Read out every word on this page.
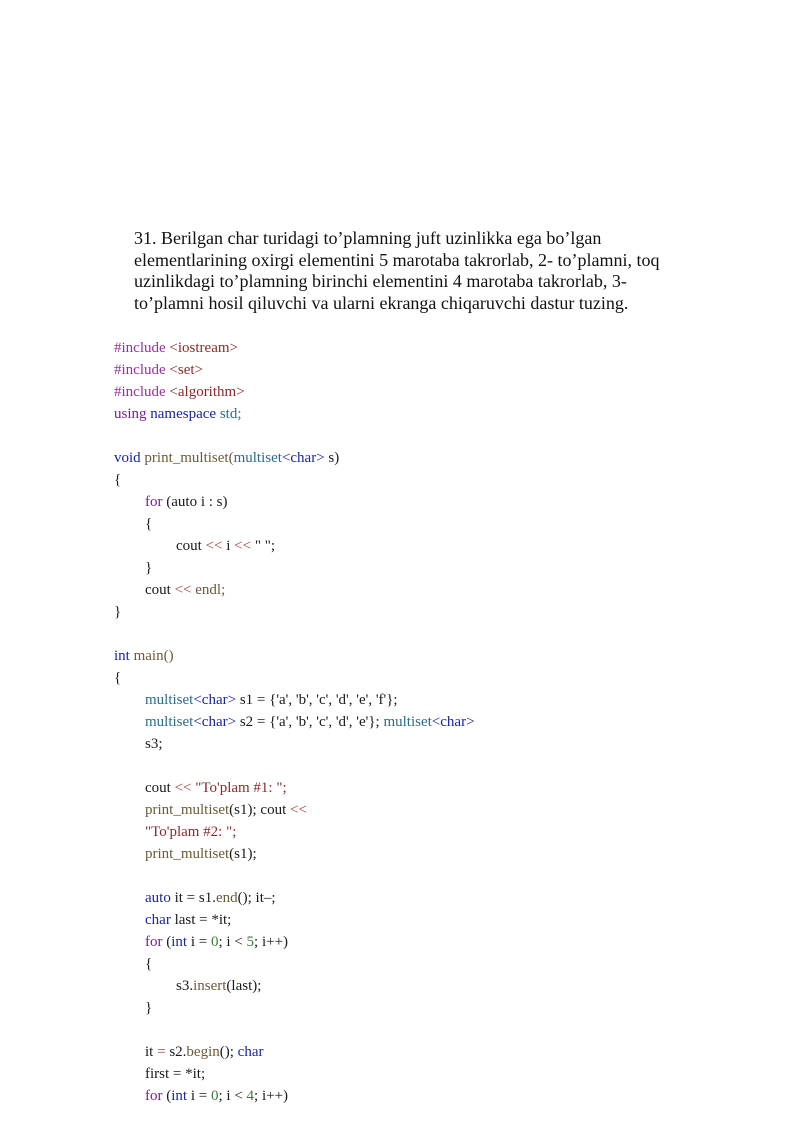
31. Berilgan char turidagi to’plamning juft uzinlikka ega bo’lgan
elementlarining oxirgi elementini 5 marotaba takrorlab, 2- to’plamni, toq
uzinlikdagi to’plamning birinchi elementini 4 marotaba takrorlab, 3-
to’plamni hosil qiluvchi va ularni ekranga chiqaruvchi dastur tuzing.
#include <iostream>
#include <set>
#include <algorithm>
using namespace std;
void print_multiset(multiset<char> s)
{
for (auto i : s)
{
cout << i << " ";
}
cout << endl;
}
int main()
{
multiset<char> s1 = {'a', 'b', 'c', 'd', 'e', 'f'};
multiset<char> s2 = {'a', 'b', 'c', 'd', 'e'}; multiset<char>
s3;
cout << "To'plam #1: ";
print_multiset(s1); cout <<
"To'plam #2: ";
print_multiset(s1);
auto it = s1.end(); it–;
char last = *it;
for (int i = 0; i < 5; i++)
{
s3.insert(last);
}
it = s2.begin(); char
first = *it;
for (int i = 0; i < 4; i++)
